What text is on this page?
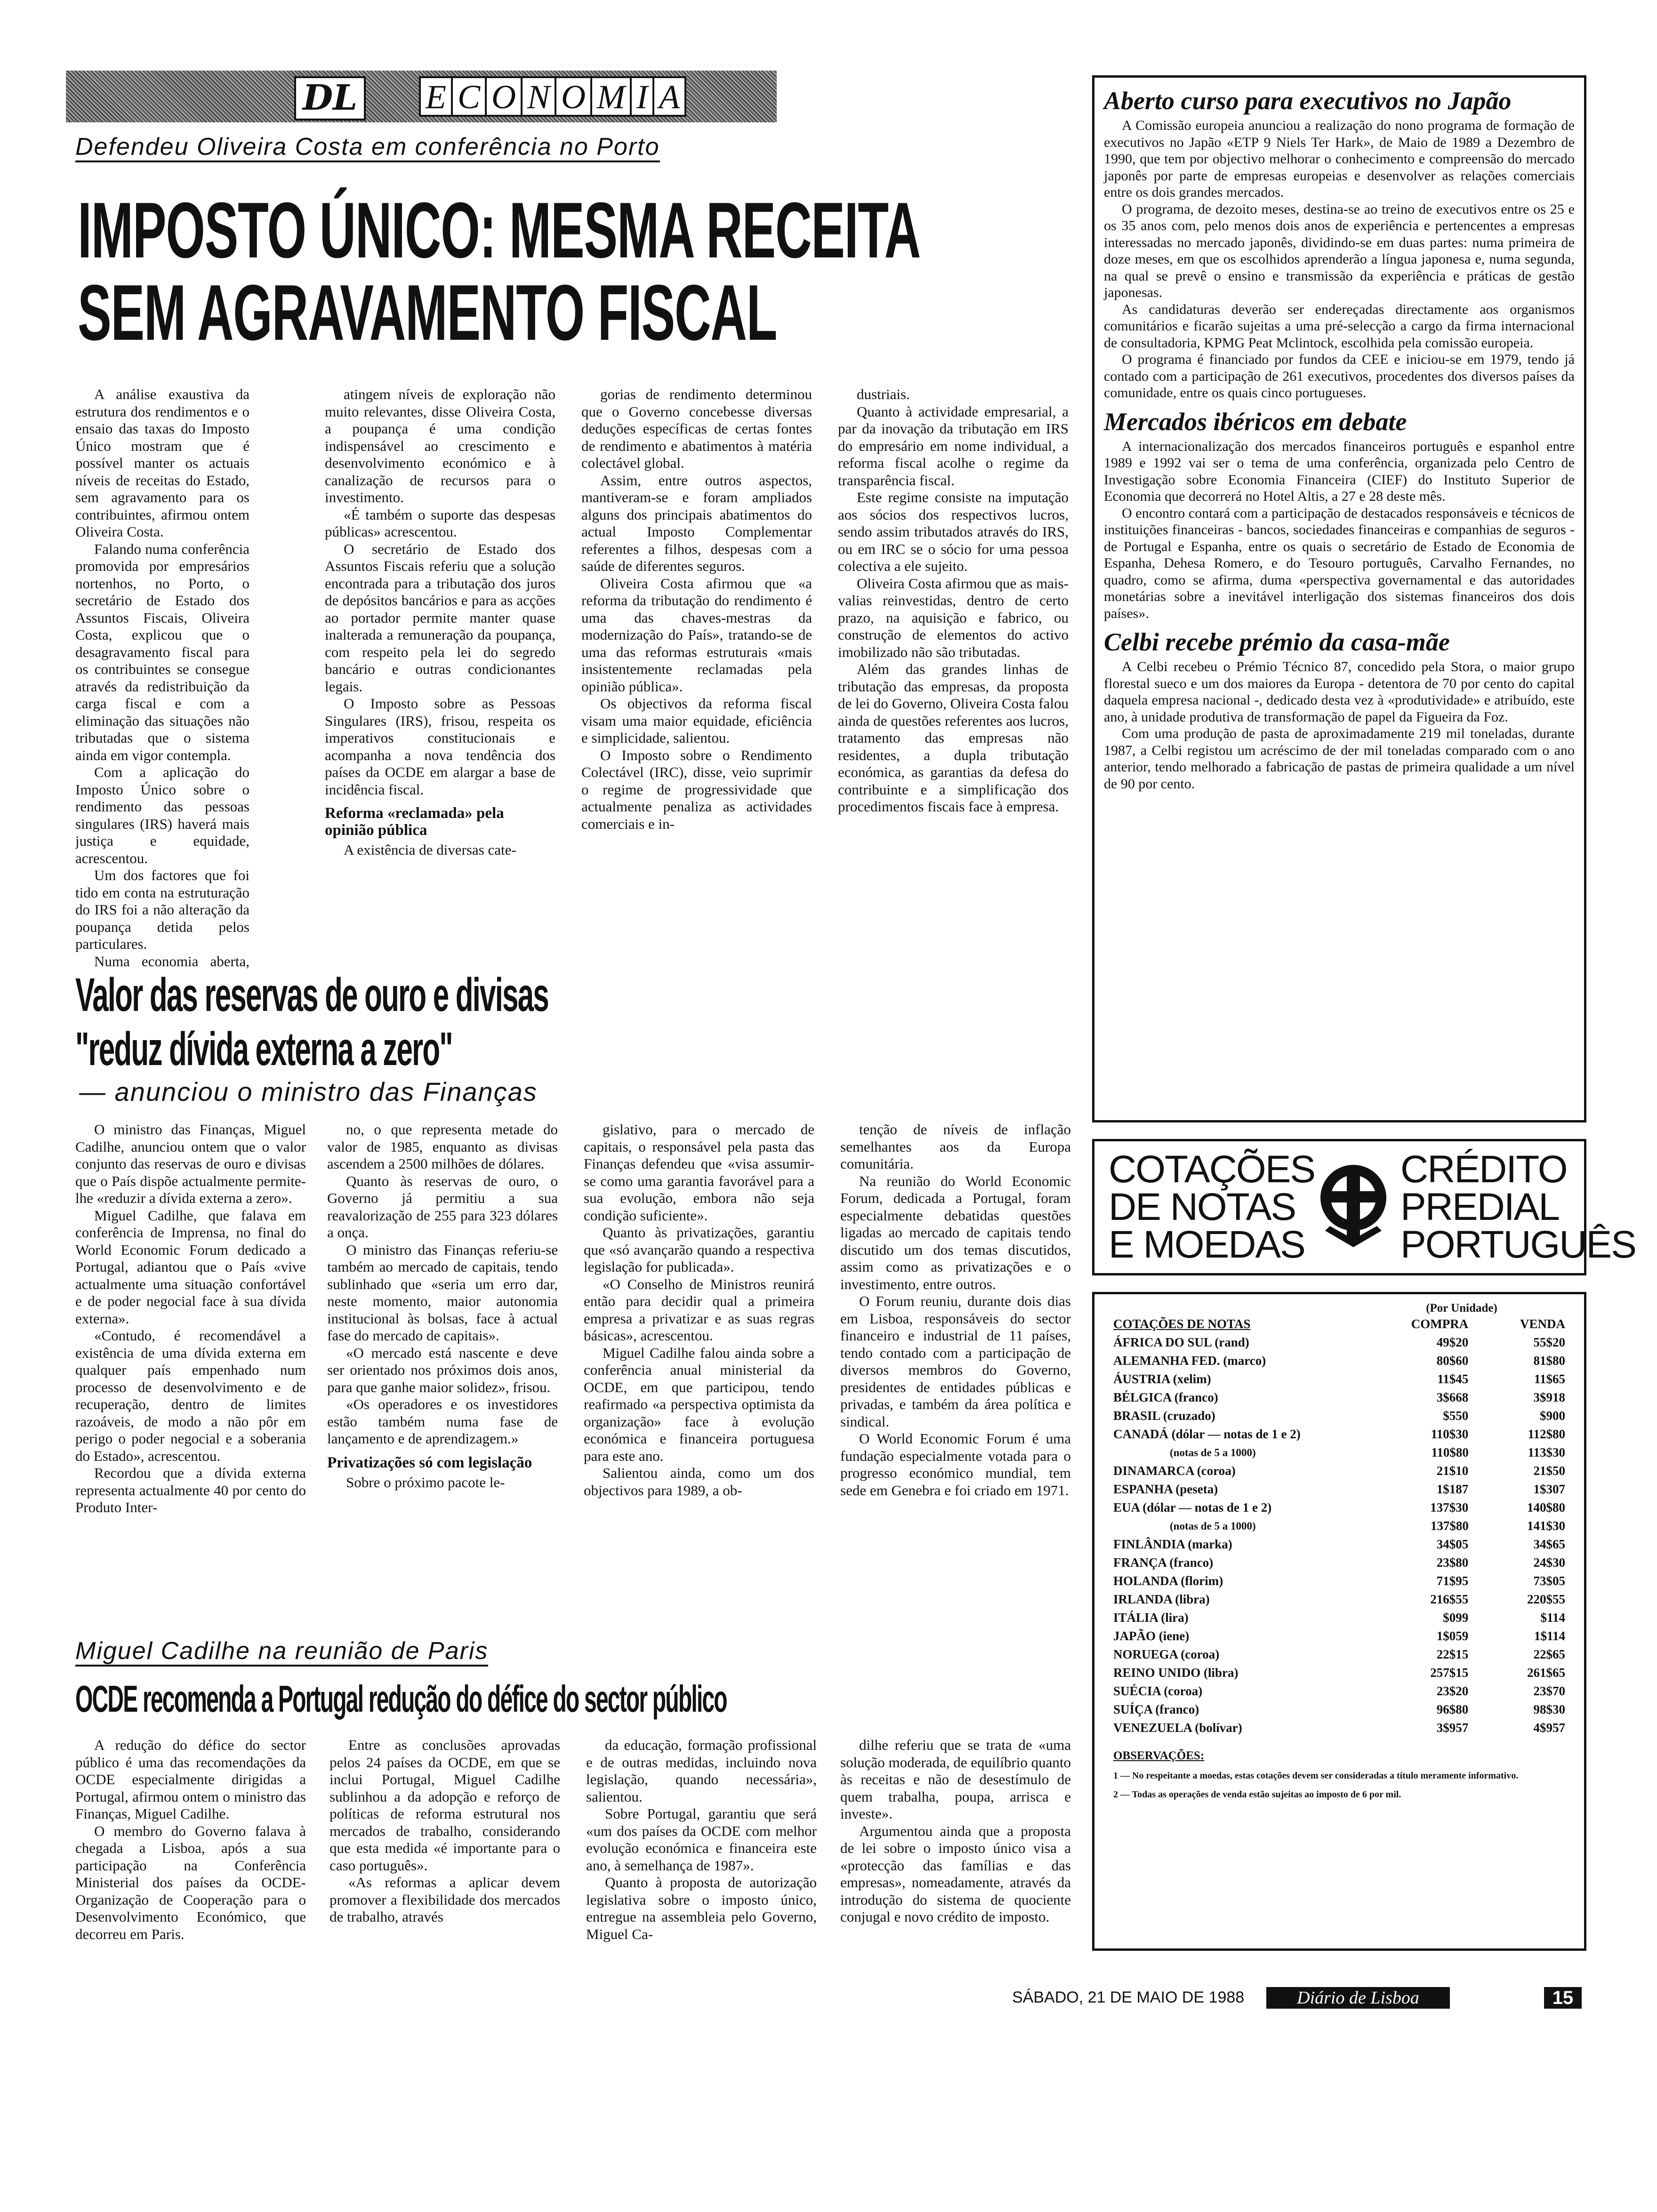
DL E C O N O M I A
Defendeu Oliveira Costa em conferência no Porto
IMPOSTO ÚNICO: MESMA RECEITA
SEM AGRAVAMENTO FISCAL

A análise exaustiva da estrutura dos rendimentos e o ensaio das taxas do Imposto Único mostram que é possível manter os actuais níveis de receitas do Estado, sem agravamento para os contribuintes, afirmou ontem Oliveira Costa.

Falando numa conferência promovida por empresários nortenhos, no Porto, o secretário de Estado dos Assuntos Fiscais, Oliveira Costa, explicou que o desagravamento fiscal para os contribuintes se consegue através da redistribuição da carga fiscal e com a eliminação das situações não tributadas que o sistema ainda em vigor contempla.

Com a aplicação do Imposto Único sobre o rendimento das pessoas singulares (IRS) haverá mais justiça e equidade, acrescentou.

Um dos factores que foi tido em conta na estruturação do IRS foi a não alteração da poupança detida pelos particulares.

Numa economia aberta,

atingem níveis de exploração não muito relevantes, disse Oliveira Costa, a poupança é uma condição indispensável ao crescimento e desenvolvimento económico e à canalização de recursos para o investimento.

«É também o suporte das despesas públicas» acrescentou.

O secretário de Estado dos Assuntos Fiscais referiu que a solução encontrada para a tributação dos juros de depósitos bancários e para as acções ao portador permite manter quase inalterada a remuneração da poupança, com respeito pela lei do segredo bancário e outras condicionantes legais.

O Imposto sobre as Pessoas Singulares (IRS), frisou, respeita os imperativos constitucionais e acompanha a nova tendência dos países da OCDE em alargar a base de incidência fiscal.

Reforma «reclamada» pela opinião pública

A existência de diversas cate-

gorias de rendimento determinou que o Governo concebesse diversas deduções específicas de certas fontes de rendimento e abatimentos à matéria colectável global.

Assim, entre outros aspectos, mantiveram-se e foram ampliados alguns dos principais abatimentos do actual Imposto Complementar referentes a filhos, despesas com a saúde de diferentes seguros.

Oliveira Costa afirmou que «a reforma da tributação do rendimento é uma das chaves-mestras da modernização do País», tratando-se de uma das reformas estruturais «mais insistentemente reclamadas pela opinião pública».

Os objectivos da reforma fiscal visam uma maior equidade, eficiência e simplicidade, salientou.

O Imposto sobre o Rendimento Colectável (IRC), disse, veio suprimir o regime de progressividade que actualmente penaliza as actividades comerciais e in-

dustriais.

Quanto à actividade empresarial, a par da inovação da tributação em IRS do empresário em nome individual, a reforma fiscal acolhe o regime da transparência fiscal.

Este regime consiste na imputação aos sócios dos respectivos lucros, sendo assim tributados através do IRS, ou em IRC se o sócio for uma pessoa colectiva a ele sujeito.

Oliveira Costa afirmou que as mais-valias reinvestidas, dentro de certo prazo, na aquisição e fabrico, ou construção de elementos do activo imobilizado não são tributadas.

Além das grandes linhas de tributação das empresas, da proposta de lei do Governo, Oliveira Costa falou ainda de questões referentes aos lucros, tratamento das empresas não residentes, a dupla tributação económica, as garantias da defesa do contribuinte e a simplificação dos procedimentos fiscais face à empresa.

Valor das reservas de ouro e divisas
"reduz dívida externa a zero"
— anunciou o ministro das Finanças

O ministro das Finanças, Miguel Cadilhe, anunciou ontem que o valor conjunto das reservas de ouro e divisas que o País dispõe actualmente permite-lhe «reduzir a dívida externa a zero».

Miguel Cadilhe, que falava em conferência de Imprensa, no final do World Economic Forum dedicado a Portugal, adiantou que o País «vive actualmente uma situação confortável e de poder negocial face à sua dívida externa».

«Contudo, é recomendável a existência de uma dívida externa em qualquer país empenhado num processo de desenvolvimento e de recuperação, dentro de limites razoáveis, de modo a não pôr em perigo o poder negocial e a soberania do Estado», acrescentou.

Recordou que a dívida externa representa actualmente 40 por cento do Produto Inter-

no, o que representa metade do valor de 1985, enquanto as divisas ascendem a 2500 milhões de dólares.

Quanto às reservas de ouro, o Governo já permitiu a sua reavalorização de 255 para 323 dólares a onça.

O ministro das Finanças referiu-se também ao mercado de capitais, tendo sublinhado que «seria um erro dar, neste momento, maior autonomia institucional às bolsas, face à actual fase do mercado de capitais».

«O mercado está nascente e deve ser orientado nos próximos dois anos, para que ganhe maior solidez», frisou.

«Os operadores e os investidores estão também numa fase de lançamento e de aprendizagem.»

Privatizações só com legislação

Sobre o próximo pacote le-

gislativo, para o mercado de capitais, o responsável pela pasta das Finanças defendeu que «visa assumir-se como uma garantia favorável para a sua evolução, embora não seja condição suficiente».

Quanto às privatizações, garantiu que «só avançarão quando a respectiva legislação for publicada».

«O Conselho de Ministros reunirá então para decidir qual a primeira empresa a privatizar e as suas regras básicas», acrescentou.

Miguel Cadilhe falou ainda sobre a conferência anual ministerial da OCDE, em que participou, tendo reafirmado «a perspectiva optimista da organização» face à evolução económica e financeira portuguesa para este ano.

Salientou ainda, como um dos objectivos para 1989, a ob-

tenção de níveis de inflação semelhantes aos da Europa comunitária.

Na reunião do World Economic Forum, dedicada a Portugal, foram especialmente debatidas questões ligadas ao mercado de capitais tendo discutido um dos temas discutidos, assim como as privatizações e o investimento, entre outros.

O Forum reuniu, durante dois dias em Lisboa, responsáveis do sector financeiro e industrial de 11 países, tendo contado com a participação de diversos membros do Governo, presidentes de entidades públicas e privadas, e também da área política e sindical.

O World Economic Forum é uma fundação especialmente votada para o progresso económico mundial, tem sede em Genebra e foi criado em 1971.

Miguel Cadilhe na reunião de Paris
OCDE recomenda a Portugal redução do défice do sector público

A redução do défice do sector público é uma das recomendações da OCDE especialmente dirigidas a Portugal, afirmou ontem o ministro das Finanças, Miguel Cadilhe.

O membro do Governo falava à chegada a Lisboa, após a sua participação na Conferência Ministerial dos países da OCDE-Organização de Cooperação para o Desenvolvimento Económico, que decorreu em Paris.

Entre as conclusões aprovadas pelos 24 países da OCDE, em que se inclui Portugal, Miguel Cadilhe sublinhou a da adopção e reforço de políticas de reforma estrutural nos mercados de trabalho, considerando que esta medida «é importante para o caso português».

«As reformas a aplicar devem promover a flexibilidade dos mercados de trabalho, através

da educação, formação profissional e de outras medidas, incluindo nova legislação, quando necessária», salientou.

Sobre Portugal, garantiu que será «um dos países da OCDE com melhor evolução económica e financeira este ano, à semelhança de 1987».

Quanto à proposta de autorização legislativa sobre o imposto único, entregue na assembleia pelo Governo, Miguel Ca-

dilhe referiu que se trata de «uma solução moderada, de equilíbrio quanto às receitas e não de desestímulo de quem trabalha, poupa, arrisca e investe».

Argumentou ainda que a proposta de lei sobre o imposto único visa a «protecção das famílias e das empresas», nomeadamente, através da introdução do sistema de quociente conjugal e novo crédito de imposto.

Aberto curso para executivos no Japão

A Comissão europeia anunciou a realização do nono programa de formação de executivos no Japão «ETP 9 Niels Ter Hark», de Maio de 1989 a Dezembro de 1990, que tem por objectivo melhorar o conhecimento e compreensão do mercado japonês por parte de empresas europeias e desenvolver as relações comerciais entre os dois grandes mercados.

O programa, de dezoito meses, destina-se ao treino de executivos entre os 25 e os 35 anos com, pelo menos dois anos de experiência e pertencentes a empresas interessadas no mercado japonês, dividindo-se em duas partes: numa primeira de doze meses, em que os escolhidos aprenderão a língua japonesa e, numa segunda, na qual se prevê o ensino e transmissão da experiência e práticas de gestão japonesas.

As candidaturas deverão ser endereçadas directamente aos organismos comunitários e ficarão sujeitas a uma pré-selecção a cargo da firma internacional de consultadoria, KPMG Peat Mclintock, escolhida pela comissão europeia.

O programa é financiado por fundos da CEE e iniciou-se em 1979, tendo já contado com a participação de 261 executivos, procedentes dos diversos países da comunidade, entre os quais cinco portugueses.

Mercados ibéricos em debate

A internacionalização dos mercados financeiros português e espanhol entre 1989 e 1992 vai ser o tema de uma conferência, organizada pelo Centro de Investigação sobre Economia Financeira (CIEF) do Instituto Superior de Economia que decorrerá no Hotel Altis, a 27 e 28 deste mês.

O encontro contará com a participação de destacados responsáveis e técnicos de instituições financeiras - bancos, sociedades financeiras e companhias de seguros - de Portugal e Espanha, entre os quais o secretário de Estado de Economia de Espanha, Dehesa Romero, e do Tesouro português, Carvalho Fernandes, no quadro, como se afirma, duma «perspectiva governamental e das autoridades monetárias sobre a inevitável interligação dos sistemas financeiros dos dois países».

Celbi recebe prémio da casa-mãe

A Celbi recebeu o Prémio Técnico 87, concedido pela Stora, o maior grupo florestal sueco e um dos maiores da Europa - detentora de 70 por cento do capital daquela empresa nacional -, dedicado desta vez à «produtividade» e atribuído, este ano, à unidade produtiva de transformação de papel da Figueira da Foz.

Com uma produção de pasta de aproximadamente 219 mil toneladas, durante 1987, a Celbi registou um acréscimo de der mil toneladas comparado com o ano anterior, tendo melhorado a fabricação de pastas de primeira qualidade a um nível de 90 por cento.

COTAÇÕES
DE NOTAS
E MOEDAS
CRÉDITO
PREDIAL
PORTUGUÊS
(Por Unidade)
COTAÇÕES DE NOTAS	COMPRA	VENDA
ÁFRICA DO SUL (rand)	49$20	55$20
ALEMANHA FED. (marco)	80$60	81$80
ÁUSTRIA (xelim)	11$45	11$65
BÉLGICA (franco)	3$668	3$918
BRASIL (cruzado)	$550	$900
CANADÁ (dólar — notas de 1 e 2)	110$30	112$80
(notas de 5 a 1000)	110$80	113$30
DINAMARCA (coroa)	21$10	21$50
ESPANHA (peseta)	1$187	1$307
EUA (dólar — notas de 1 e 2)	137$30	140$80
(notas de 5 a 1000)	137$80	141$30
FINLÂNDIA (marka)	34$05	34$65
FRANÇA (franco)	23$80	24$30
HOLANDA (florim)	71$95	73$05
IRLANDA (libra)	216$55	220$55
ITÁLIA (lira)	$099	$114
JAPÃO (iene)	1$059	1$114
NORUEGA (coroa)	22$15	22$65
REINO UNIDO (libra)	257$15	261$65
SUÉCIA (coroa)	23$20	23$70
SUÍÇA (franco)	96$80	98$30
VENEZUELA (bolívar)	3$957	4$957
OBSERVAÇÕES:
1 — No respeitante a moedas, estas cotações devem ser consideradas a título meramente informativo.
2 — Todas as operações de venda estão sujeitas ao imposto de 6 por mil.
SÁBADO, 21 DE MAIO DE 1988	Diário de Lisboa	15
